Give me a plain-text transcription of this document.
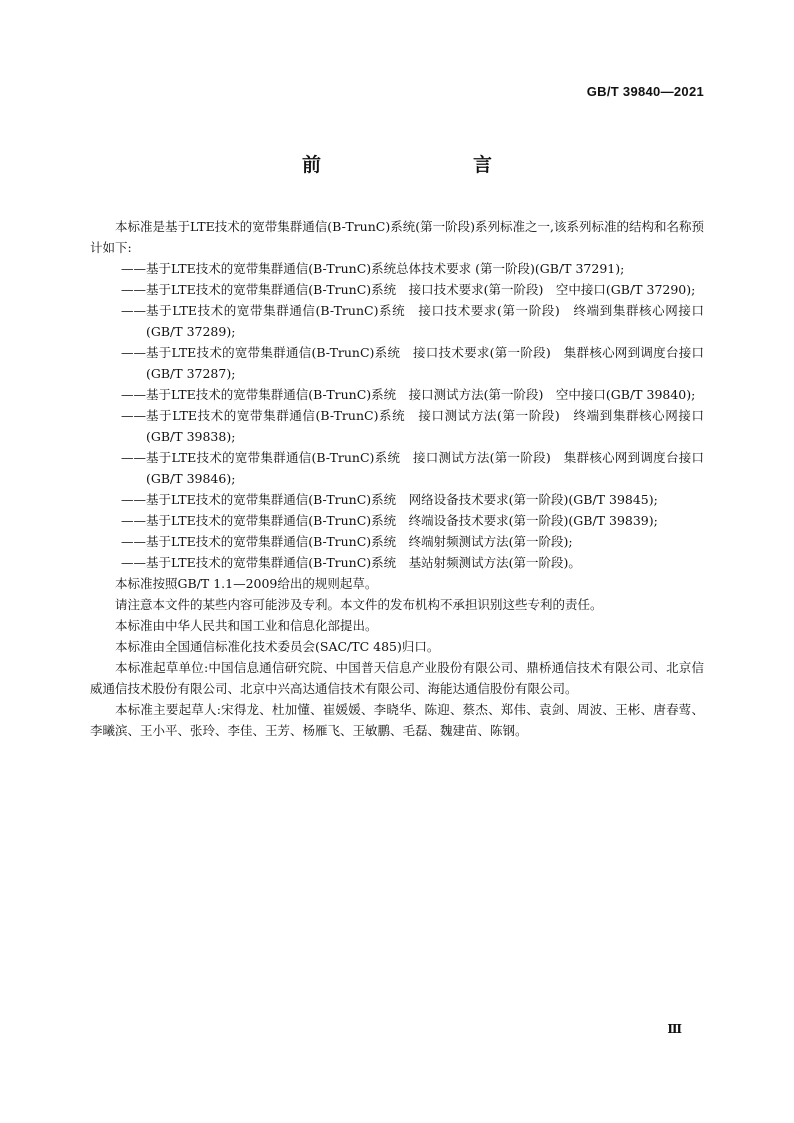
GB/T 39840—2021
前　　言

本标准是基于LTE技术的宽带集群通信(B-TrunC)系统(第一阶段)系列标准之一,该系列标准的结构和名称预计如下:

—— 基于LTE技术的宽带集群通信(B-TrunC)系统总体技术要求 (第一阶段)(GB/T 37291);
—— 基于LTE技术的宽带集群通信(B-TrunC)系统　接口技术要求(第一阶段)　空中接口(GB/T 37290);
—— 基于LTE技术的宽带集群通信(B-TrunC)系统　接口技术要求(第一阶段)　终端到集群核心网接口(GB/T 37289);
—— 基于LTE技术的宽带集群通信(B-TrunC)系统　接口技术要求(第一阶段)　集群核心网到调度台接口(GB/T 37287);
—— 基于LTE技术的宽带集群通信(B-TrunC)系统　接口测试方法(第一阶段)　空中接口(GB/T 39840);
—— 基于LTE技术的宽带集群通信(B-TrunC)系统　接口测试方法(第一阶段)　终端到集群核心网接口(GB/T 39838);
—— 基于LTE技术的宽带集群通信(B-TrunC)系统　接口测试方法(第一阶段)　集群核心网到调度台接口(GB/T 39846);
—— 基于LTE技术的宽带集群通信(B-TrunC)系统　网络设备技术要求(第一阶段)(GB/T 39845);
—— 基于LTE技术的宽带集群通信(B-TrunC)系统　终端设备技术要求(第一阶段)(GB/T 39839);
—— 基于LTE技术的宽带集群通信(B-TrunC)系统　终端射频测试方法(第一阶段);
—— 基于LTE技术的宽带集群通信(B-TrunC)系统　基站射频测试方法(第一阶段)。

本标准按照GB/T 1.1—2009给出的规则起草。

请注意本文件的某些内容可能涉及专利。本文件的发布机构不承担识别这些专利的责任。

本标准由中华人民共和国工业和信息化部提出。

本标准由全国通信标准化技术委员会(SAC/TC 485)归口。

本标准起草单位:中国信息通信研究院、中国普天信息产业股份有限公司、鼎桥通信技术有限公司、北京信威通信技术股份有限公司、北京中兴高达通信技术有限公司、海能达通信股份有限公司。

本标准主要起草人:宋得龙、杜加懂、崔媛媛、李晓华、陈迎、蔡杰、郑伟、袁剑、周波、王彬、唐春莺、李曦滨、王小平、张玲、李佳、王芳、杨雁飞、王敏鹏、毛磊、魏建苗、陈钢。

Ⅲ
